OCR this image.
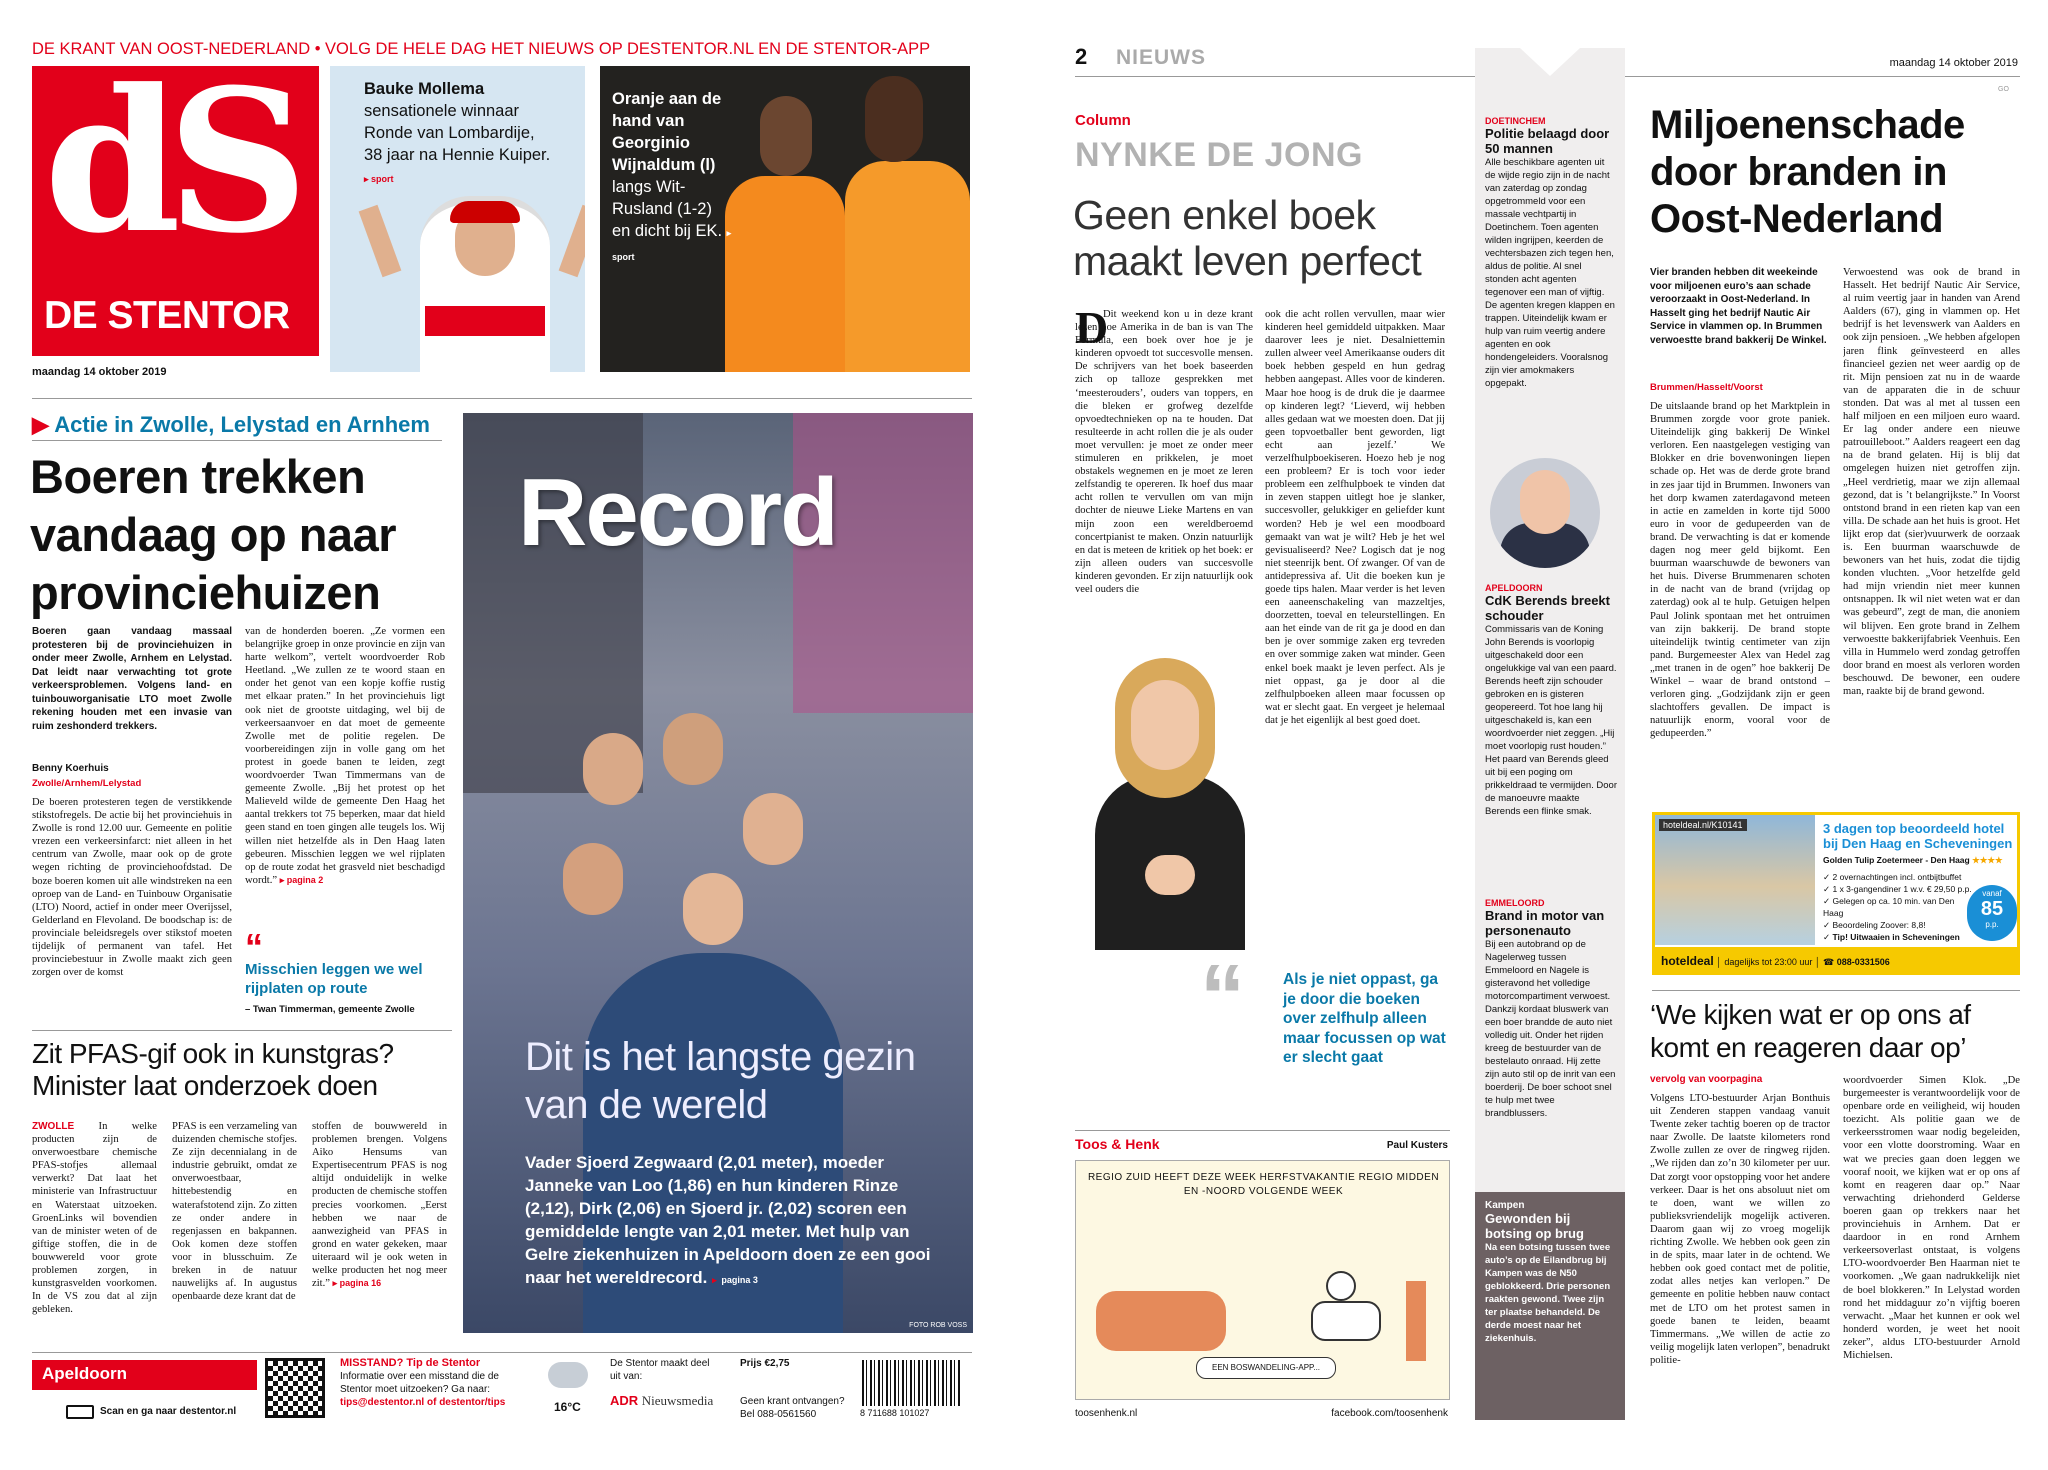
DE KRANT VAN OOST-NEDERLAND • VOLG DE HELE DAG HET NIEUWS OP DESTENTOR.NL EN DE STENTOR-APP
dS
DE STENTOR
maandag 14 oktober 2019
Bauke Mollema
sensationele winnaar Ronde van Lombardije, 38 jaar na Hennie Kuiper. ▸ sport
Oranje aan de hand van Georginio Wijnaldum (l)
langs Wit-Rusland (1-2) en dicht bij EK. ▸ sport
▶ Actie in Zwolle, Lelystad en Arnhem
Boeren trekken vandaag op naar provinciehuizen
Boeren gaan vandaag massaal protesteren bij de provinciehuizen in onder meer Zwolle, Arnhem en Lelystad. Dat leidt naar verwachting tot grote verkeersproblemen. Volgens land- en tuinbouworganisatie LTO moet Zwolle rekening houden met een invasie van ruim zeshonderd trekkers.
Benny Koerhuis
Zwolle/Arnhem/Lelystad
De boeren protesteren tegen de verstikkende stikstofregels. De actie bij het provinciehuis in Zwolle is rond 12.00 uur. Gemeente en politie vrezen een verkeersinfarct: niet alleen in het centrum van Zwolle, maar ook op de grote wegen richting de provinciehoofdstad. De boze boeren komen uit alle windstreken na een oproep van de Land- en Tuinbouw Organisatie (LTO) Noord, actief in onder meer Overijssel, Gelderland en Flevoland. De boodschap is: de provinciale beleidsregels over stikstof moeten tijdelijk of permanent van tafel. Het provinciebestuur in Zwolle maakt zich geen zorgen over de komst
van de honderden boeren. „Ze vormen een belangrijke groep in onze provincie en zijn van harte welkom”, vertelt woordvoerder Rob Heetland. „We zullen ze te woord staan en onder het genot van een kopje koffie rustig met elkaar praten.” In het provinciehuis ligt ook niet de grootste uitdaging, wel bij de verkeersaanvoer en dat moet de gemeente Zwolle met de politie regelen. De voorbereidingen zijn in volle gang om het protest in goede banen te leiden, zegt woordvoerder Twan Timmermans van de gemeente Zwolle. „Bij het protest op het Malieveld wilde de gemeente Den Haag het aantal trekkers tot 75 beperken, maar dat hield geen stand en toen gingen alle teugels los. Wij willen niet hetzelfde als in Den Haag laten gebeuren. Misschien leggen we wel rijplaten op de route zodat het grasveld niet beschadigd wordt.” ▸ pagina 2
“
Misschien leggen we wel rijplaten op route
– Twan Timmerman, gemeente Zwolle
Record
Dit is het langste gezin van de wereld
Vader Sjoerd Zegwaard (2,01 meter), moeder Janneke van Loo (1,86) en hun kinderen Rinze (2,12), Dirk (2,06) en Sjoerd jr. (2,02) scoren een gemiddelde lengte van 2,01 meter. Met hulp van Gelre ziekenhuizen in Apeldoorn doen ze een gooi naar het wereldrecord. ▸ pagina 3
FOTO ROB VOSS
Zit PFAS-gif ook in kunstgras? Minister laat onderzoek doen
ZWOLLE In welke producten zijn de onverwoestbare chemische PFAS-stofjes allemaal verwerkt? Dat laat het ministerie van Infrastructuur en Waterstaat uitzoeken. GroenLinks wil bovendien van de minister weten of de giftige stoffen, die in de bouwwereld voor grote problemen zorgen, in kunstgrasvelden voorkomen. In de VS zou dat al zijn gebleken.
PFAS is een verzameling van duizenden chemische stofjes. Ze zijn decennialang in de industrie gebruikt, omdat ze onverwoestbaar, hittebestendig en waterafstotend zijn. Zo zitten ze onder andere in regenjassen en bakpannen. Ook komen deze stoffen voor in blusschuim. Ze breken in de natuur nauwelijks af. In augustus openbaarde deze krant dat de
stoffen de bouwwereld in problemen brengen. Volgens Aiko Hensums van Expertisecentrum PFAS is nog altijd onduidelijk in welke producten de chemische stoffen precies voorkomen. „Eerst hebben we naar de aanwezigheid van PFAS in grond en water gekeken, maar uiteraard wil je ook weten in welke producten het nog meer zit.” ▸ pagina 16
Apeldoorn
Scan en ga naar destentor.nl
MISSTAND? Tip de Stentor
Informatie over een misstand die de Stentor moet uitzoeken? Ga naar:
tips@destentor.nl of destentor/tips	16°C
De Stentor maakt deel uit van:
ADR Nieuwsmedia
Prijs €2,75
Geen krant ontvangen? Bel 088-0561560	8 711688 101027
2 NIEUWS	maandag 14 oktober 2019
GO
Column
NYNKE DE JONG
Geen enkel boek maakt leven perfect
D
Dit weekend kon u in deze krant lezen hoe Amerika in de ban is van The Formula, een boek over hoe je je kinderen opvoedt tot succesvolle mensen. De schrijvers van het boek baseerden zich op talloze gesprekken met ‘meesterouders’, ouders van toppers, en die bleken er grofweg dezelfde opvoedtechnieken op na te houden. Dat resulteerde in acht rollen die je als ouder moet vervullen: je moet ze onder meer stimuleren en prikkelen, je moet obstakels wegnemen en je moet ze leren zelfstandig te opereren. Ik hoef dus maar acht rollen te vervullen om van mijn dochter de nieuwe Lieke Martens en van mijn zoon een wereldberoemd concertpianist te maken. Onzin natuurlijk en dat is meteen de kritiek op het boek: er zijn alleen ouders van succesvolle kinderen gevonden. Er zijn natuurlijk ook veel ouders die
ook die acht rollen vervullen, maar wier kinderen heel gemiddeld uitpakken. Maar daarover lees je niet. Desalniettemin zullen alweer veel Amerikaanse ouders dit boek hebben gespeld en hun gedrag hebben aangepast. Alles voor de kinderen. Maar hoe hoog is de druk die je daarmee op kinderen legt? ‘Lieverd, wij hebben alles gedaan wat we moesten doen. Dat jij geen topvoetballer bent geworden, ligt echt aan jezelf.’ We verzelfhulpboekiseren. Hoezo heb je nog een probleem? Er is toch voor ieder probleem een zelfhulpboek te vinden dat in zeven stappen uitlegt hoe je slanker, succesvoller, gelukkiger en geliefder kunt worden? Heb je wel een moodboard gemaakt van wat je wilt? Heb je het wel gevisualiseerd? Nee? Logisch dat je nog niet steenrijk bent. Of zwanger. Of van de antidepressiva af. Uit die boeken kun je goede tips halen. Maar verder is het leven een aaneenschakeling van mazzeltjes, doorzetten, toeval en teleurstellingen. En aan het einde van de rit ga je dood en dan ben je over sommige zaken erg tevreden en over sommige zaken wat minder. Geen enkel boek maakt je leven perfect. Als je niet oppast, ga je door al die zelfhulpboeken alleen maar focussen op wat er slecht gaat. En vergeet je helemaal dat je het eigenlijk al best goed doet.
“ Als je niet oppast, ga je door die boeken over zelfhulp alleen maar focussen op wat er slecht gaat
Toos & Henk	Paul Kusters
REGIO ZUID HEEFT DEZE WEEK HERFSTVAKANTIE REGIO MIDDEN EN -NOORD VOLGENDE WEEK
EEN BOSWANDELING-APP...
toosenhenk.nl	facebook.com/toosenhenk
DOETINCHEM
Politie belaagd door 50 mannen
Alle beschikbare agenten uit de wijde regio zijn in de nacht van zaterdag op zondag opgetrommeld voor een massale vechtpartij in Doetinchem. Toen agenten wilden ingrijpen, keerden de vechtersbazen zich tegen hen, aldus de politie. Al snel stonden acht agenten tegenover een man of vijftig. De agenten kregen klappen en trappen. Uiteindelijk kwam er hulp van ruim veertig andere agenten en ook hondengeleiders. Vooralsnog zijn vier amokmakers opgepakt.
APELDOORN
CdK Berends breekt schouder
Commissaris van de Koning John Berends is voorlopig uitgeschakeld door een ongelukkige val van een paard. Berends heeft zijn schouder gebroken en is gisteren geopereerd. Tot hoe lang hij uitgeschakeld is, kan een woordvoerder niet zeggen. „Hij moet voorlopig rust houden.” Het paard van Berends gleed uit bij een poging om prikkeldraad te vermijden. Door de manoeuvre maakte Berends een flinke smak.
EMMELOORD
Brand in motor van personenauto
Bij een autobrand op de Nagelerweg tussen Emmeloord en Nagele is gisteravond het volledige motorcompartiment verwoest. Dankzij kordaat bluswerk van een boer brandde de auto niet volledig uit. Onder het rijden kreeg de bestuurder van de bestelauto onraad. Hij zette zijn auto stil op de inrit van een boerderij. De boer schoot snel te hulp met twee brandblussers.
Kampen
Gewonden bij botsing op brug
Na een botsing tussen twee auto’s op de Eilandbrug bij Kampen was de N50 geblokkeerd. Drie personen raakten gewond. Twee zijn ter plaatse behandeld. De derde moest naar het ziekenhuis.
Miljoenenschade door branden in Oost-Nederland
Vier branden hebben dit weekeinde voor miljoenen euro’s aan schade veroorzaakt in Oost-Nederland. In Hasselt ging het bedrijf Nautic Air Service in vlammen op. In Brummen verwoestte brand bakkerij De Winkel.
Brummen/Hasselt/Voorst
De uitslaande brand op het Marktplein in Brummen zorgde voor grote paniek. Uiteindelijk ging bakkerij De Winkel verloren. Een naastgelegen vestiging van Blokker en drie bovenwoningen liepen schade op. Het was de derde grote brand in zes jaar tijd in Brummen. Inwoners van het dorp kwamen zaterdagavond meteen in actie en zamelden in korte tijd 5000 euro in voor de gedupeerden van de brand. De verwachting is dat er komende dagen nog meer geld bijkomt. Een buurman waarschuwde de bewoners van het huis. Diverse Brummenaren schoten in de nacht van de brand (vrijdag op zaterdag) ook al te hulp. Getuigen helpen Paul Jolink spontaan met het ontruimen van zijn bakkerij. De brand stopte uiteindelijk twintig centimeter van zijn pand. Burgemeester Alex van Hedel zag „met tranen in de ogen” hoe bakkerij De Winkel – waar de brand ontstond – verloren ging. „Godzijdank zijn er geen slachtoffers gevallen. De impact is natuurlijk enorm, vooral voor de gedupeerden.”
Verwoestend was ook de brand in Hasselt. Het bedrijf Nautic Air Service, al ruim veertig jaar in handen van Arend Aalders (67), ging in vlammen op. Het bedrijf is het levenswerk van Aalders en ook zijn pensioen. „We hebben afgelopen jaren flink geïnvesteerd en alles financieel gezien net weer aardig op de rit. Mijn pensioen zat nu in de waarde van de apparaten die in de schuur stonden. Dat was al met al tussen een half miljoen en een miljoen euro waard. Er lag onder andere een nieuwe patrouilleboot.” Aalders reageert een dag na de brand gelaten. Hij is blij dat omgelegen huizen niet getroffen zijn. „Heel verdrietig, maar we zijn allemaal gezond, dat is ’t belangrijkste.” In Voorst ontstond brand in een rieten kap van een villa. De schade aan het huis is groot. Het lijkt erop dat (sier)vuurwerk de oorzaak is. Een buurman waarschuwde de bewoners van het huis, zodat die tijdig konden vluchten. „Voor hetzelfde geld had mijn vriendin niet meer kunnen ontsnappen. Ik wil niet weten wat er dan was gebeurd”, zegt de man, die anoniem wil blijven. Een grote brand in Zelhem verwoestte bakkerijfabriek Veenhuis. Een villa in Hummelo werd zondag getroffen door brand en moest als verloren worden beschouwd. De bewoner, een oudere man, raakte bij de brand gewond.
hoteldeal.nl/K10141	3 dagen top beoordeeld hotel bij Den Haag en Scheveningen
Golden Tulip Zoetermeer - Den Haag ★★★★
✓ 2 overnachtingen incl. ontbijtbuffet
✓ 1 x 3-gangendiner 1 w.v. € 29,50 p.p.
✓ Gelegen op ca. 10 min. van Den Haag
✓ Beoordeling Zoover: 8,8!
✓ Tip! Uitwaaien in Scheveningen
vanaf
85
p.p.
hoteldeal │ dagelijks tot 23:00 uur │ ☎ 088-0331506
‘We kijken wat er op ons af komt en reageren daar op’
vervolg van voorpagina
Volgens LTO-bestuurder Arjan Bonthuis uit Zenderen stappen vandaag vanuit Twente zeker tachtig boeren op de tractor naar Zwolle. De laatste kilometers rond Zwolle zullen ze over de ringweg rijden. „We rijden dan zo’n 30 kilometer per uur. Dat zorgt voor opstopping voor het andere verkeer. Daar is het ons absoluut niet om te doen, want we willen zo publieksvriendelijk mogelijk activeren. Daarom gaan wij zo vroeg mogelijk richting Zwolle. We hebben ook geen zin in de spits, maar later in de ochtend. We hebben ook goed contact met de politie, zodat alles netjes kan verlopen.” De gemeente en politie hebben nauw contact met de LTO om het protest samen in goede banen te leiden, beaamt Timmermans. „We willen de actie zo veilig mogelijk laten verlopen”, benadrukt politie-
woordvoerder Simen Klok. „De burgemeester is verantwoordelijk voor de openbare orde en veiligheid, wij houden toezicht. Als politie gaan we de verkeersstromen waar nodig begeleiden, voor een vlotte doorstroming. Waar en wat we precies gaan doen leggen we vooraf nooit, we kijken wat er op ons af komt en reageren daar op.” Naar verwachting driehonderd Gelderse boeren gaan op trekkers naar het provinciehuis in Arnhem. Dat er daardoor in en rond Arnhem verkeersoverlast ontstaat, is volgens LTO-woordvoerder Ben Haarman niet te voorkomen. „We gaan nadrukkelijk niet de boel blokkeren.” In Lelystad worden rond het middaguur zo’n vijftig boeren verwacht. „Maar het kunnen er ook wel honderd worden, je weet het nooit zeker”, aldus LTO-bestuurder Arnold Michielsen.
